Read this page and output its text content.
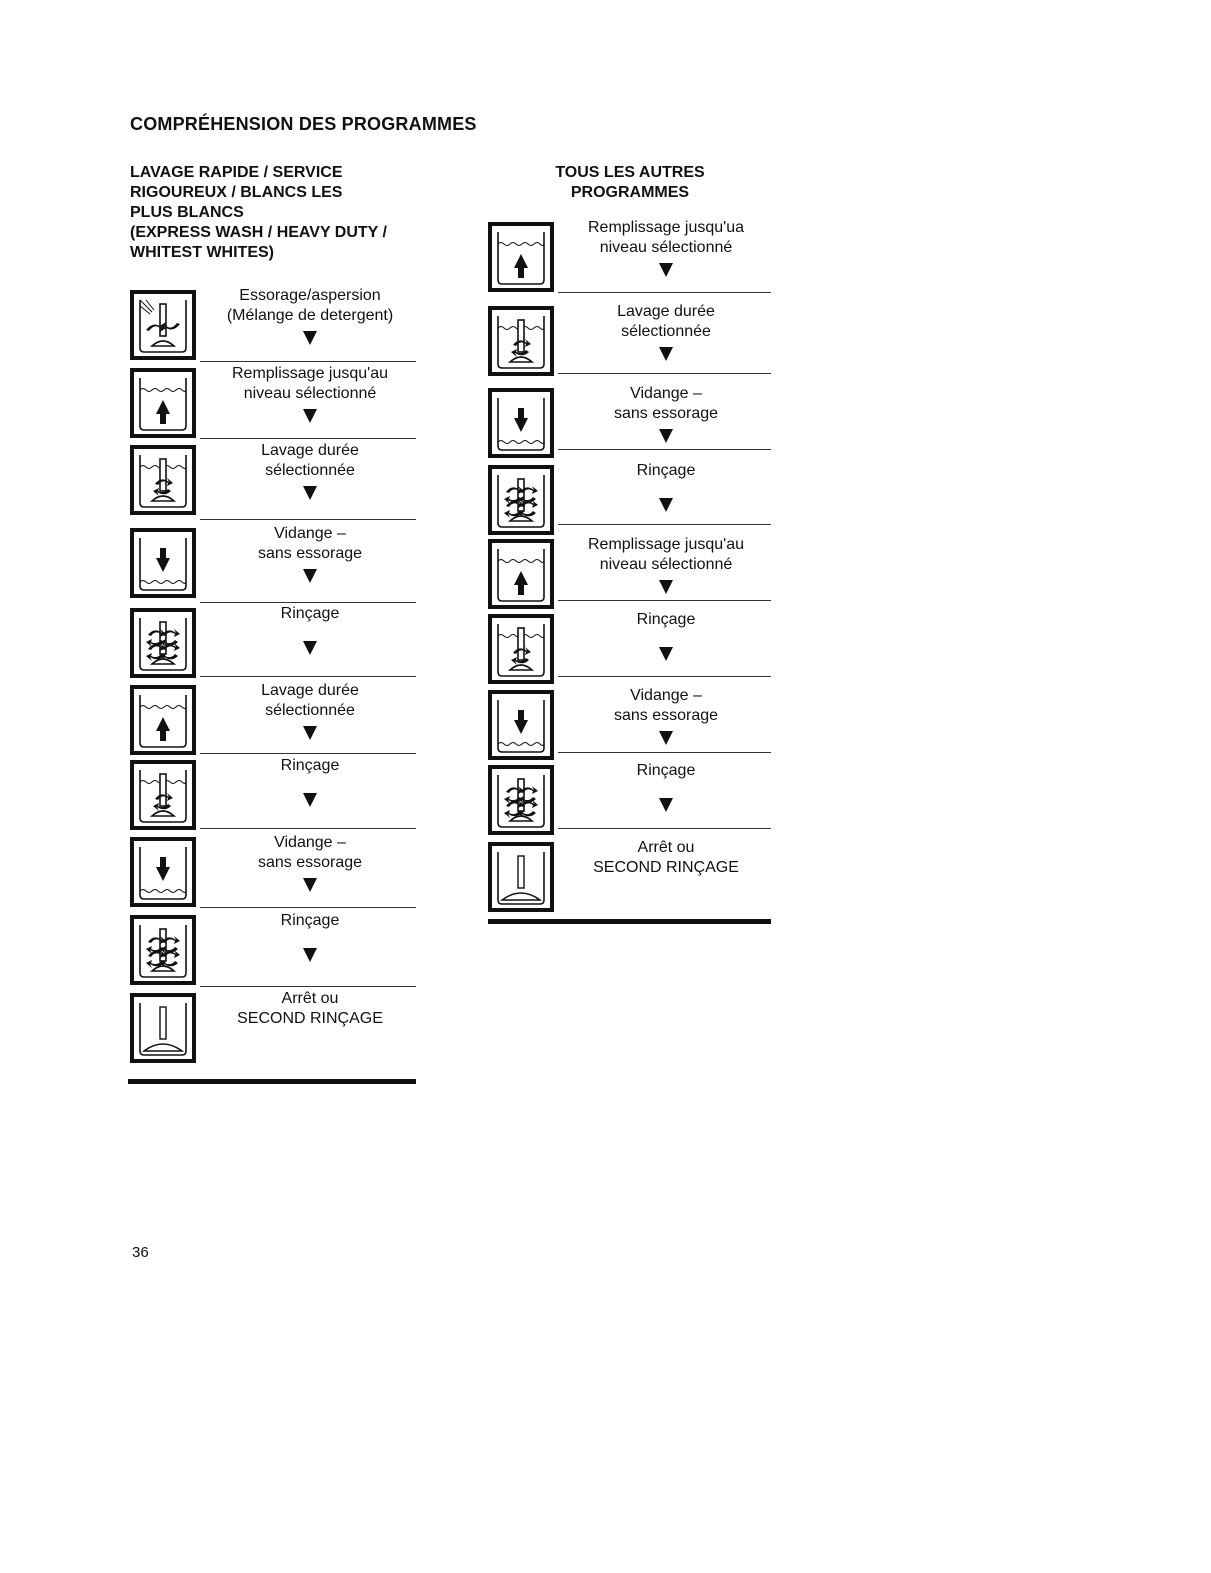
COMPRÉHENSION DES PROGRAMMES
LAVAGE RAPIDE / SERVICE
RIGOUREUX / BLANCS LES
PLUS BLANCS
(EXPRESS WASH / HEAVY DUTY /
WHITEST WHITES)
TOUS LES AUTRES
PROGRAMMES
Essorage/aspersion
(Mélange de detergent)
Remplissage jusqu'au
niveau sélectionné
Lavage durée
sélectionnée
Vidange –
sans essorage
Rinçage
Lavage durée
sélectionnée
Rinçage
Vidange –
sans essorage
Rinçage
Arrêt ou
SECOND RINÇAGE
Remplissage jusqu'ua
niveau sélectionné
Lavage durée
sélectionnée
Vidange –
sans essorage
Rinçage
Remplissage jusqu'au
niveau sélectionné
Rinçage
Vidange –
sans essorage
Rinçage
Arrêt ou
SECOND RINÇAGE
36
